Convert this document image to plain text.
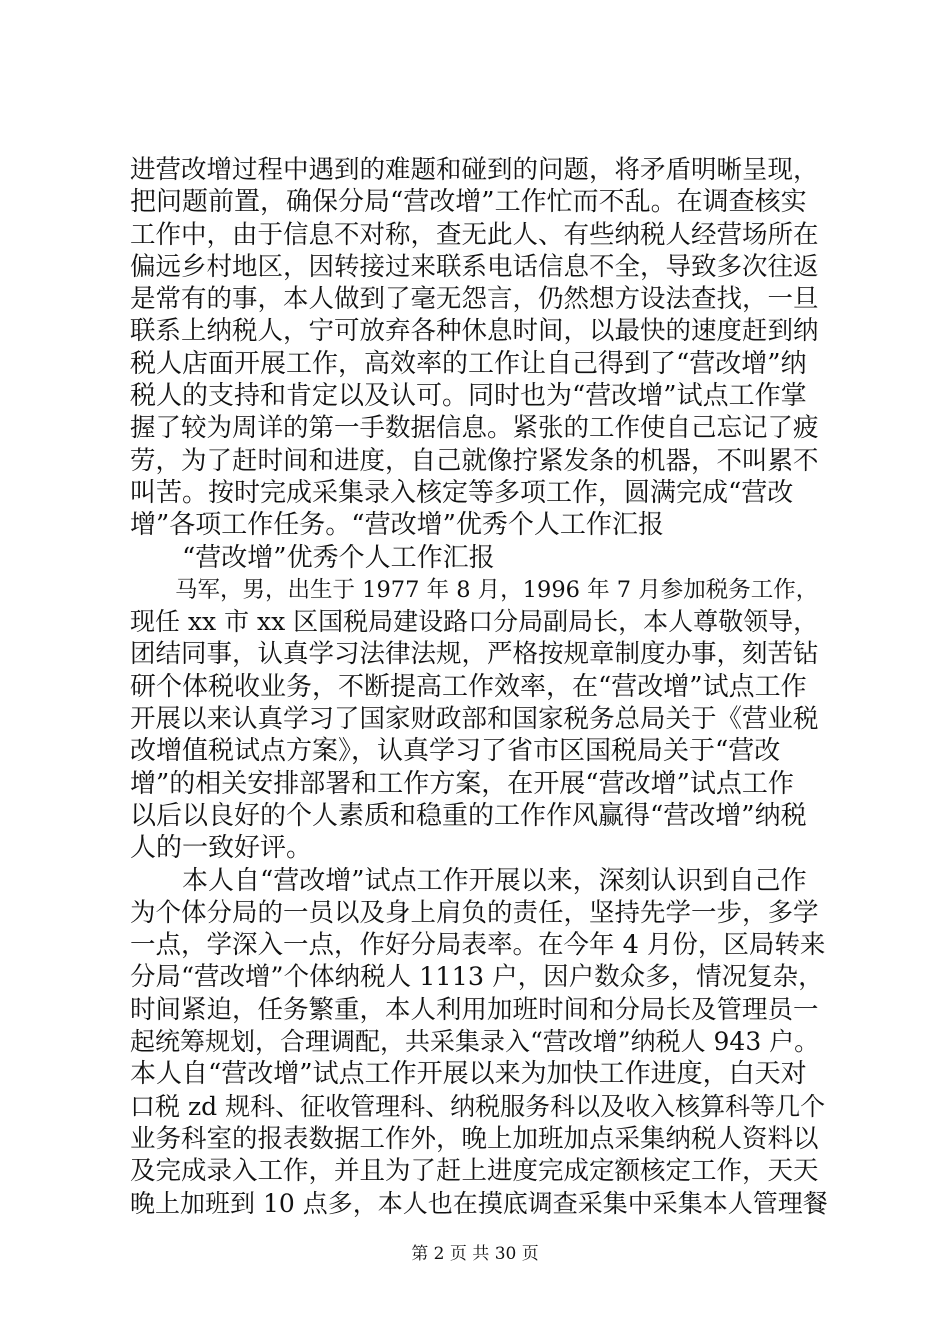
进营改增过程中遇到的难题和碰到的问题，将矛盾明晰呈现，

把问题前置，确保分局“营改增”工作忙而不乱。在调查核实

工作中，由于信息不对称，查无此人、有些纳税人经营场所在

偏远乡村地区，因转接过来联系电话信息不全，导致多次往返

是常有的事，本人做到了毫无怨言，仍然想方设法查找，一旦

联系上纳税人，宁可放弃各种休息时间，以最快的速度赶到纳

税人店面开展工作，高效率的工作让自己得到了“营改增”纳

税人的支持和肯定以及认可。同时也为“营改增”试点工作掌

握了较为周详的第一手数据信息。紧张的工作使自己忘记了疲

劳，为了赶时间和进度，自己就像拧紧发条的机器，不叫累不

叫苦。按时完成采集录入核定等多项工作，圆满完成“营改

增”各项工作任务。“营改增”优秀个人工作汇报

　　“营改增”优秀个人工作汇报

　　马军，男，出生于 1977 年 8 月，1996 年 7 月参加税务工作，

现任 xx 市 xx 区国税局建设路口分局副局长，本人尊敬领导，

团结同事，认真学习法律法规，严格按规章制度办事，刻苦钻

研个体税收业务，不断提高工作效率，在“营改增”试点工作

开展以来认真学习了国家财政部和国家税务总局关于《营业税

改增值税试点方案》，认真学习了省市区国税局关于“营改

增”的相关安排部署和工作方案，在开展“营改增”试点工作

以后以良好的个人素质和稳重的工作作风赢得“营改增”纳税

人的一致好评。

　　本人自“营改增”试点工作开展以来，深刻认识到自己作

为个体分局的一员以及身上肩负的责任，坚持先学一步，多学

一点，学深入一点，作好分局表率。在今年 4 月份，区局转来

分局“营改增”个体纳税人 1113 户，因户数众多，情况复杂，

时间紧迫，任务繁重，本人利用加班时间和分局长及管理员一

起统筹规划，合理调配，共采集录入“营改增”纳税人 943 户。

本人自“营改增”试点工作开展以来为加快工作进度，白天对

口税 zd 规科、征收管理科、纳税服务科以及收入核算科等几个

业务科室的报表数据工作外，晚上加班加点采集纳税人资料以

及完成录入工作，并且为了赶上进度完成定额核定工作，天天

晚上加班到 10 点多，本人也在摸底调查采集中采集本人管理餐

第 2 页 共 30 页
